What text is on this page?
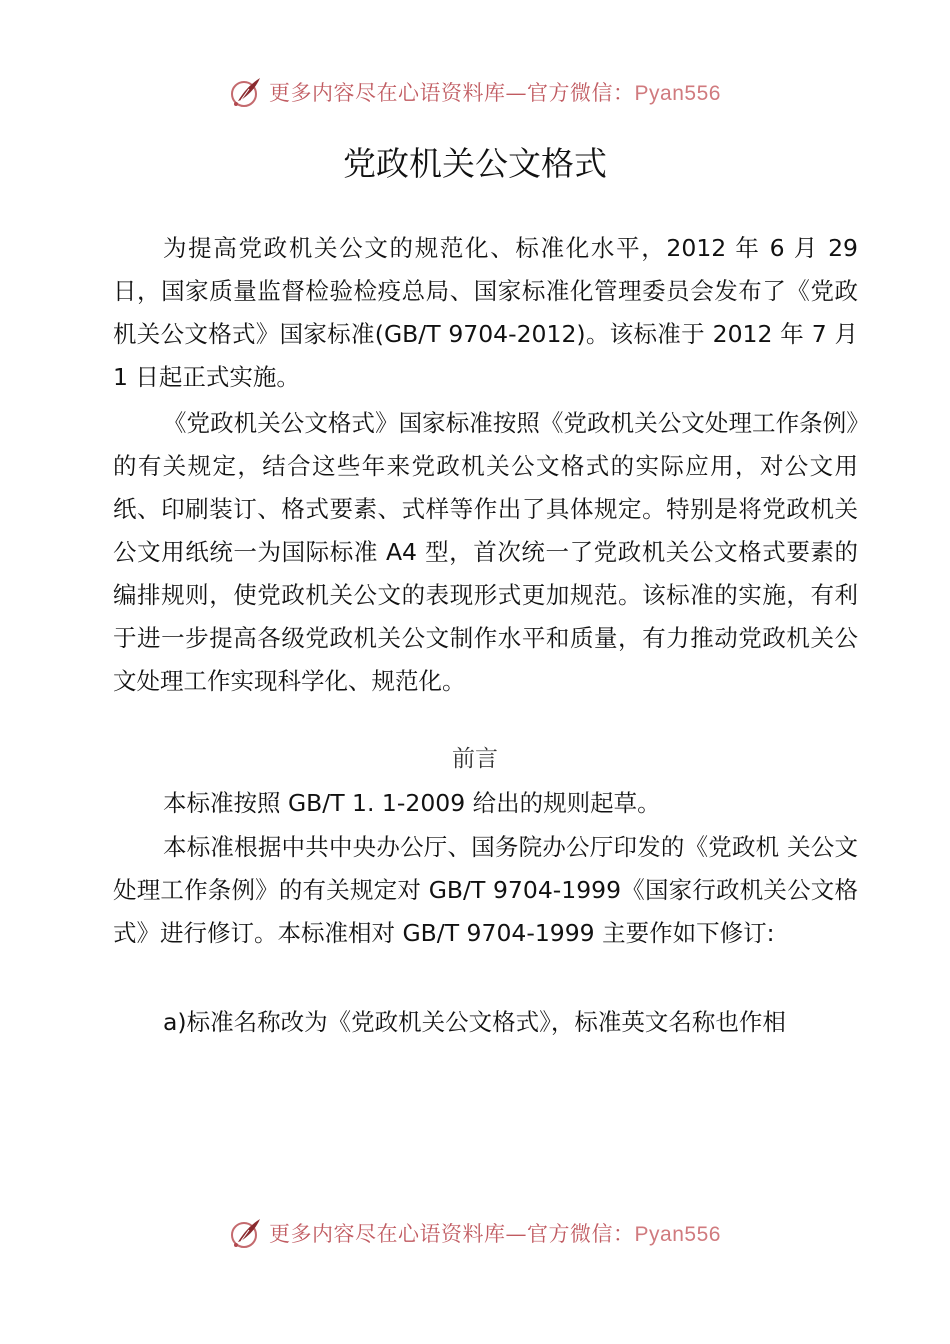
更多内容尽在心语资料库—官方微信：Pyan556
党政机关公文格式

为提高党政机关公文的规范化、标准化水平，2012 年 6 月 29 日，国家质量监督检验检疫总局、国家标准化管理委员会发布了《党政机关公文格式》国家标准(GB/T 9704-2012)。该标准于 2012 年 7 月 1 日起正式实施。

《党政机关公文格式》国家标准按照《党政机关公文处理工作条例》的有关规定，结合这些年来党政机关公文格式的实际应用，对公文用纸、印刷装订、格式要素、式样等作出了具体规定。特别是将党政机关公文用纸统一为国际标准 A4 型，首次统一了党政机关公文格式要素的编排规则，使党政机关公文的表现形式更加规范。该标准的实施，有利于进一步提高各级党政机关公文制作水平和质量，有力推动党政机关公文处理工作实现科学化、规范化。

前言

本标准按照 GB/T 1. 1-2009 给出的规则起草。

本标准根据中共中央办公厅、国务院办公厅印发的《党政机 关公文处理工作条例》的有关规定对 GB/T 9704-1999《国家行政机关公文格式》进行修订。本标准相对 GB/T 9704-1999 主要作如下修订:

a)标准名称改为《党政机关公文格式》，标准英文名称也作相

更多内容尽在心语资料库—官方微信：Pyan556
